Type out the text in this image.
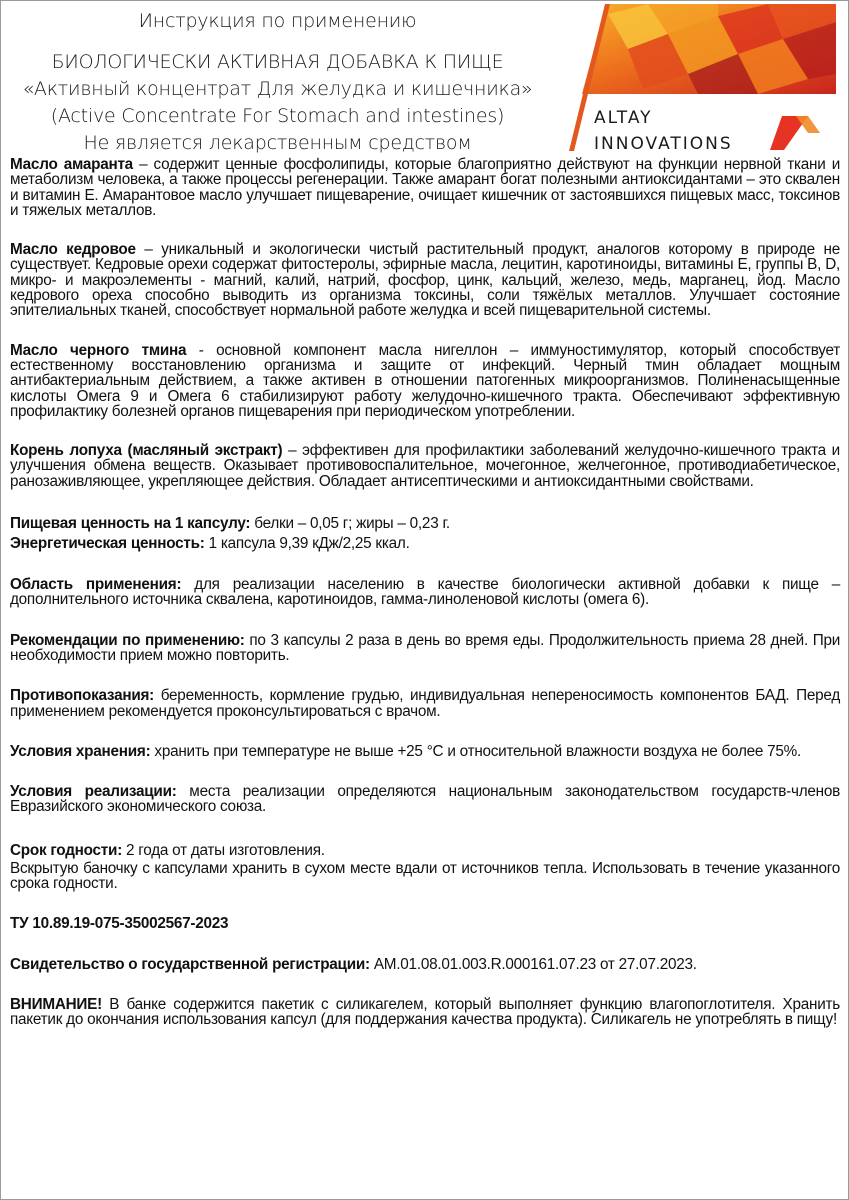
Инструкция по применению
БИОЛОГИЧЕСКИ АКТИВНАЯ ДОБАВКА К ПИЩЕ
«Активный концентрат Для желудка и кишечника»
(Active Concentrate For Stomach and intestines)
Не является лекарственным средством
ALTAY
INNOVATIONS

Масло амаранта – содержит ценные фосфолипиды, которые благоприятно действуют на функции нервной ткани и метаболизм человека, а также процессы регенерации. Также амарант богат полезными антиоксидантами – это сквален и витамин Е. Амарантовое масло улучшает пищеварение, очищает кишечник от застоявшихся пищевых масс, токсинов и тяжелых металлов.

Масло кедровое – уникальный и экологически чистый растительный продукт, аналогов которому в природе не существует. Кедровые орехи содержат фитостеролы, эфирные масла, лецитин, каротиноиды, витамины Е, группы В, D, микро- и макроэлементы - магний, калий, натрий, фосфор, цинк, кальций, железо, медь, марганец, йод. Масло кедрового ореха способно выводить из организма токсины, соли тяжёлых металлов. Улучшает состояние эпителиальных тканей, способствует нормальной работе желудка и всей пищеварительной системы.

Масло черного тмина - основной компонент масла нигеллон – иммуностимулятор, который способствует естественному восстановлению организма и защите от инфекций. Черный тмин обладает мощным антибактериальным действием, а также активен в отношении патогенных микроорганизмов. Полиненасыщенные кислоты Омега 9 и Омега 6 стабилизируют работу желудочно-кишечного тракта. Обеспечивают эффективную профилактику болезней органов пищеварения при периодическом употреблении.

Корень лопуха (масляный экстракт) – эффективен для профилактики заболеваний желудочно-кишечного тракта и улучшения обмена веществ. Оказывает противовоспалительное, мочегонное, желчегонное, противодиабетическое, ранозаживляющее, укрепляющее действия. Обладает антисептическими и антиоксидантными свойствами.

Пищевая ценность на 1 капсулу: белки – 0,05 г; жиры – 0,23 г.

Энергетическая ценность: 1 капсула 9,39 кДж/2,25 ккал.

Область применения: для реализации населению в качестве биологически активной добавки к пище – дополнительного источника сквалена, каротиноидов, гамма-линоленовой кислоты (омега 6).

Рекомендации по применению: по 3 капсулы 2 раза в день во время еды. Продолжительность приема 28 дней. При необходимости прием можно повторить.

Противопоказания: беременность, кормление грудью, индивидуальная непереносимость компонентов БАД. Перед применением рекомендуется проконсультироваться с врачом.

Условия хранения: хранить при температуре не выше +25 °С и относительной влажности воздуха не более 75%.

Условия реализации: места реализации определяются национальным законодательством государств-членов Евразийского экономического союза.

Срок годности: 2 года от даты изготовления.

Вскрытую баночку с капсулами хранить в сухом месте вдали от источников тепла. Использовать в течение указанного срока годности.

ТУ 10.89.19-075-35002567-2023

Свидетельство о государственной регистрации: АМ.01.08.01.003.R.000161.07.23 от 27.07.2023.

ВНИМАНИЕ! В банке содержится пакетик с силикагелем, который выполняет функцию влагопоглотителя. Хранить пакетик до окончания использования капсул (для поддержания качества продукта). Силикагель не употреблять в пищу!
